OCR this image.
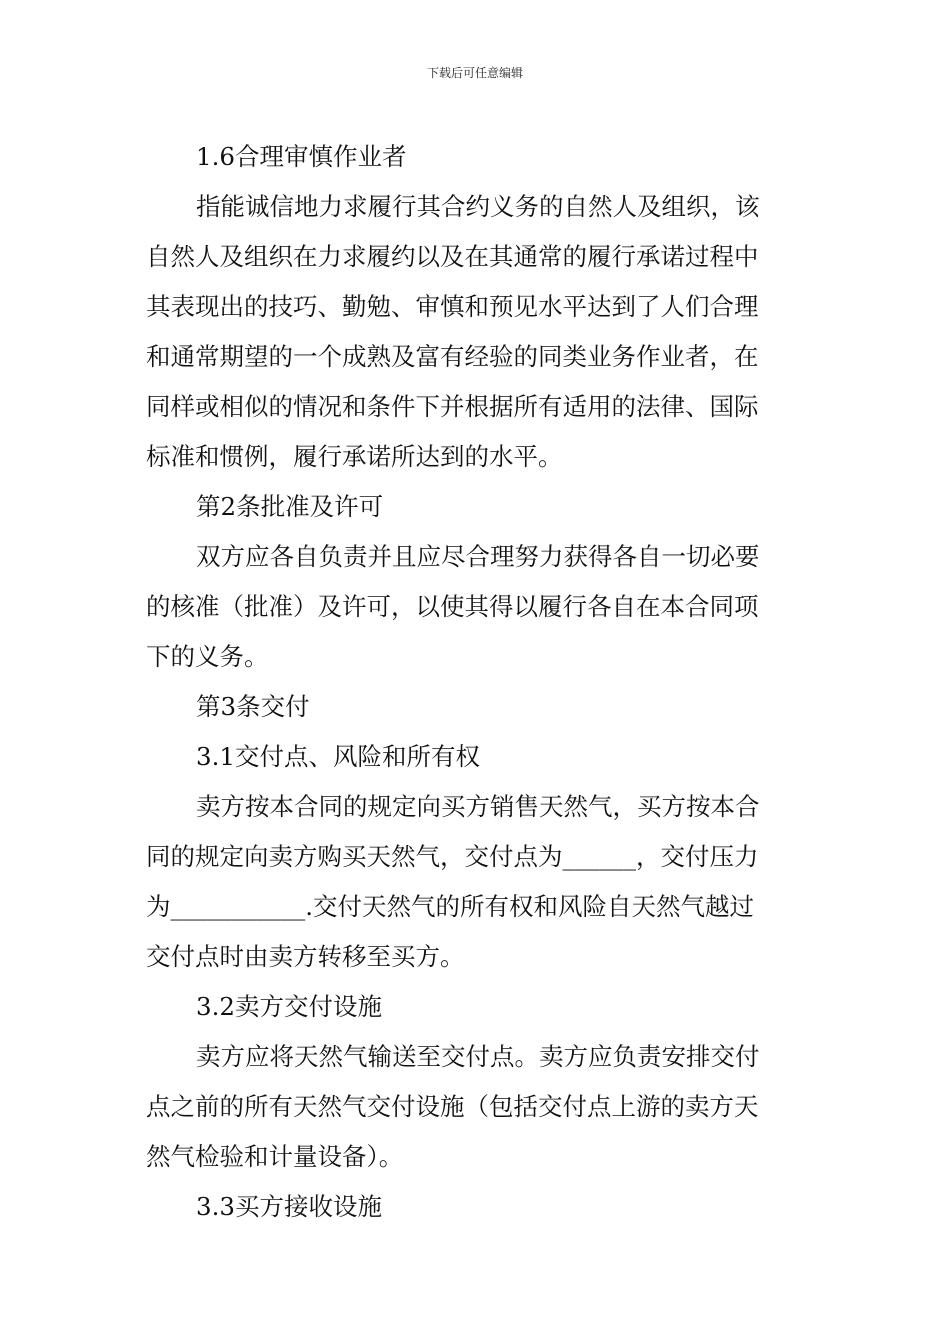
下载后可任意编辑
1.6合理审慎作业者
指能诚信地力求履行其合约义务的自然人及组织，该
自然人及组织在力求履约以及在其通常的履行承诺过程中
其表现出的技巧、勤勉、审慎和预见水平达到了人们合理
和通常期望的一个成熟及富有经验的同类业务作业者，在
同样或相似的情况和条件下并根据所有适用的法律、国际
标准和惯例，履行承诺所达到的水平。
第2条批准及许可
双方应各自负责并且应尽合理努力获得各自一切必要
的核准（批准）及许可，以使其得以履行各自在本合同项
下的义务。
第3条交付
3.1交付点、风险和所有权
卖方按本合同的规定向买方销售天然气，买方按本合
同的规定向卖方购买天然气，交付点为______，交付压力
为___________.交付天然气的所有权和风险自天然气越过
交付点时由卖方转移至买方。
3.2卖方交付设施
卖方应将天然气输送至交付点。卖方应负责安排交付
点之前的所有天然气交付设施（包括交付点上游的卖方天
然气检验和计量设备）。
3.3买方接收设施
